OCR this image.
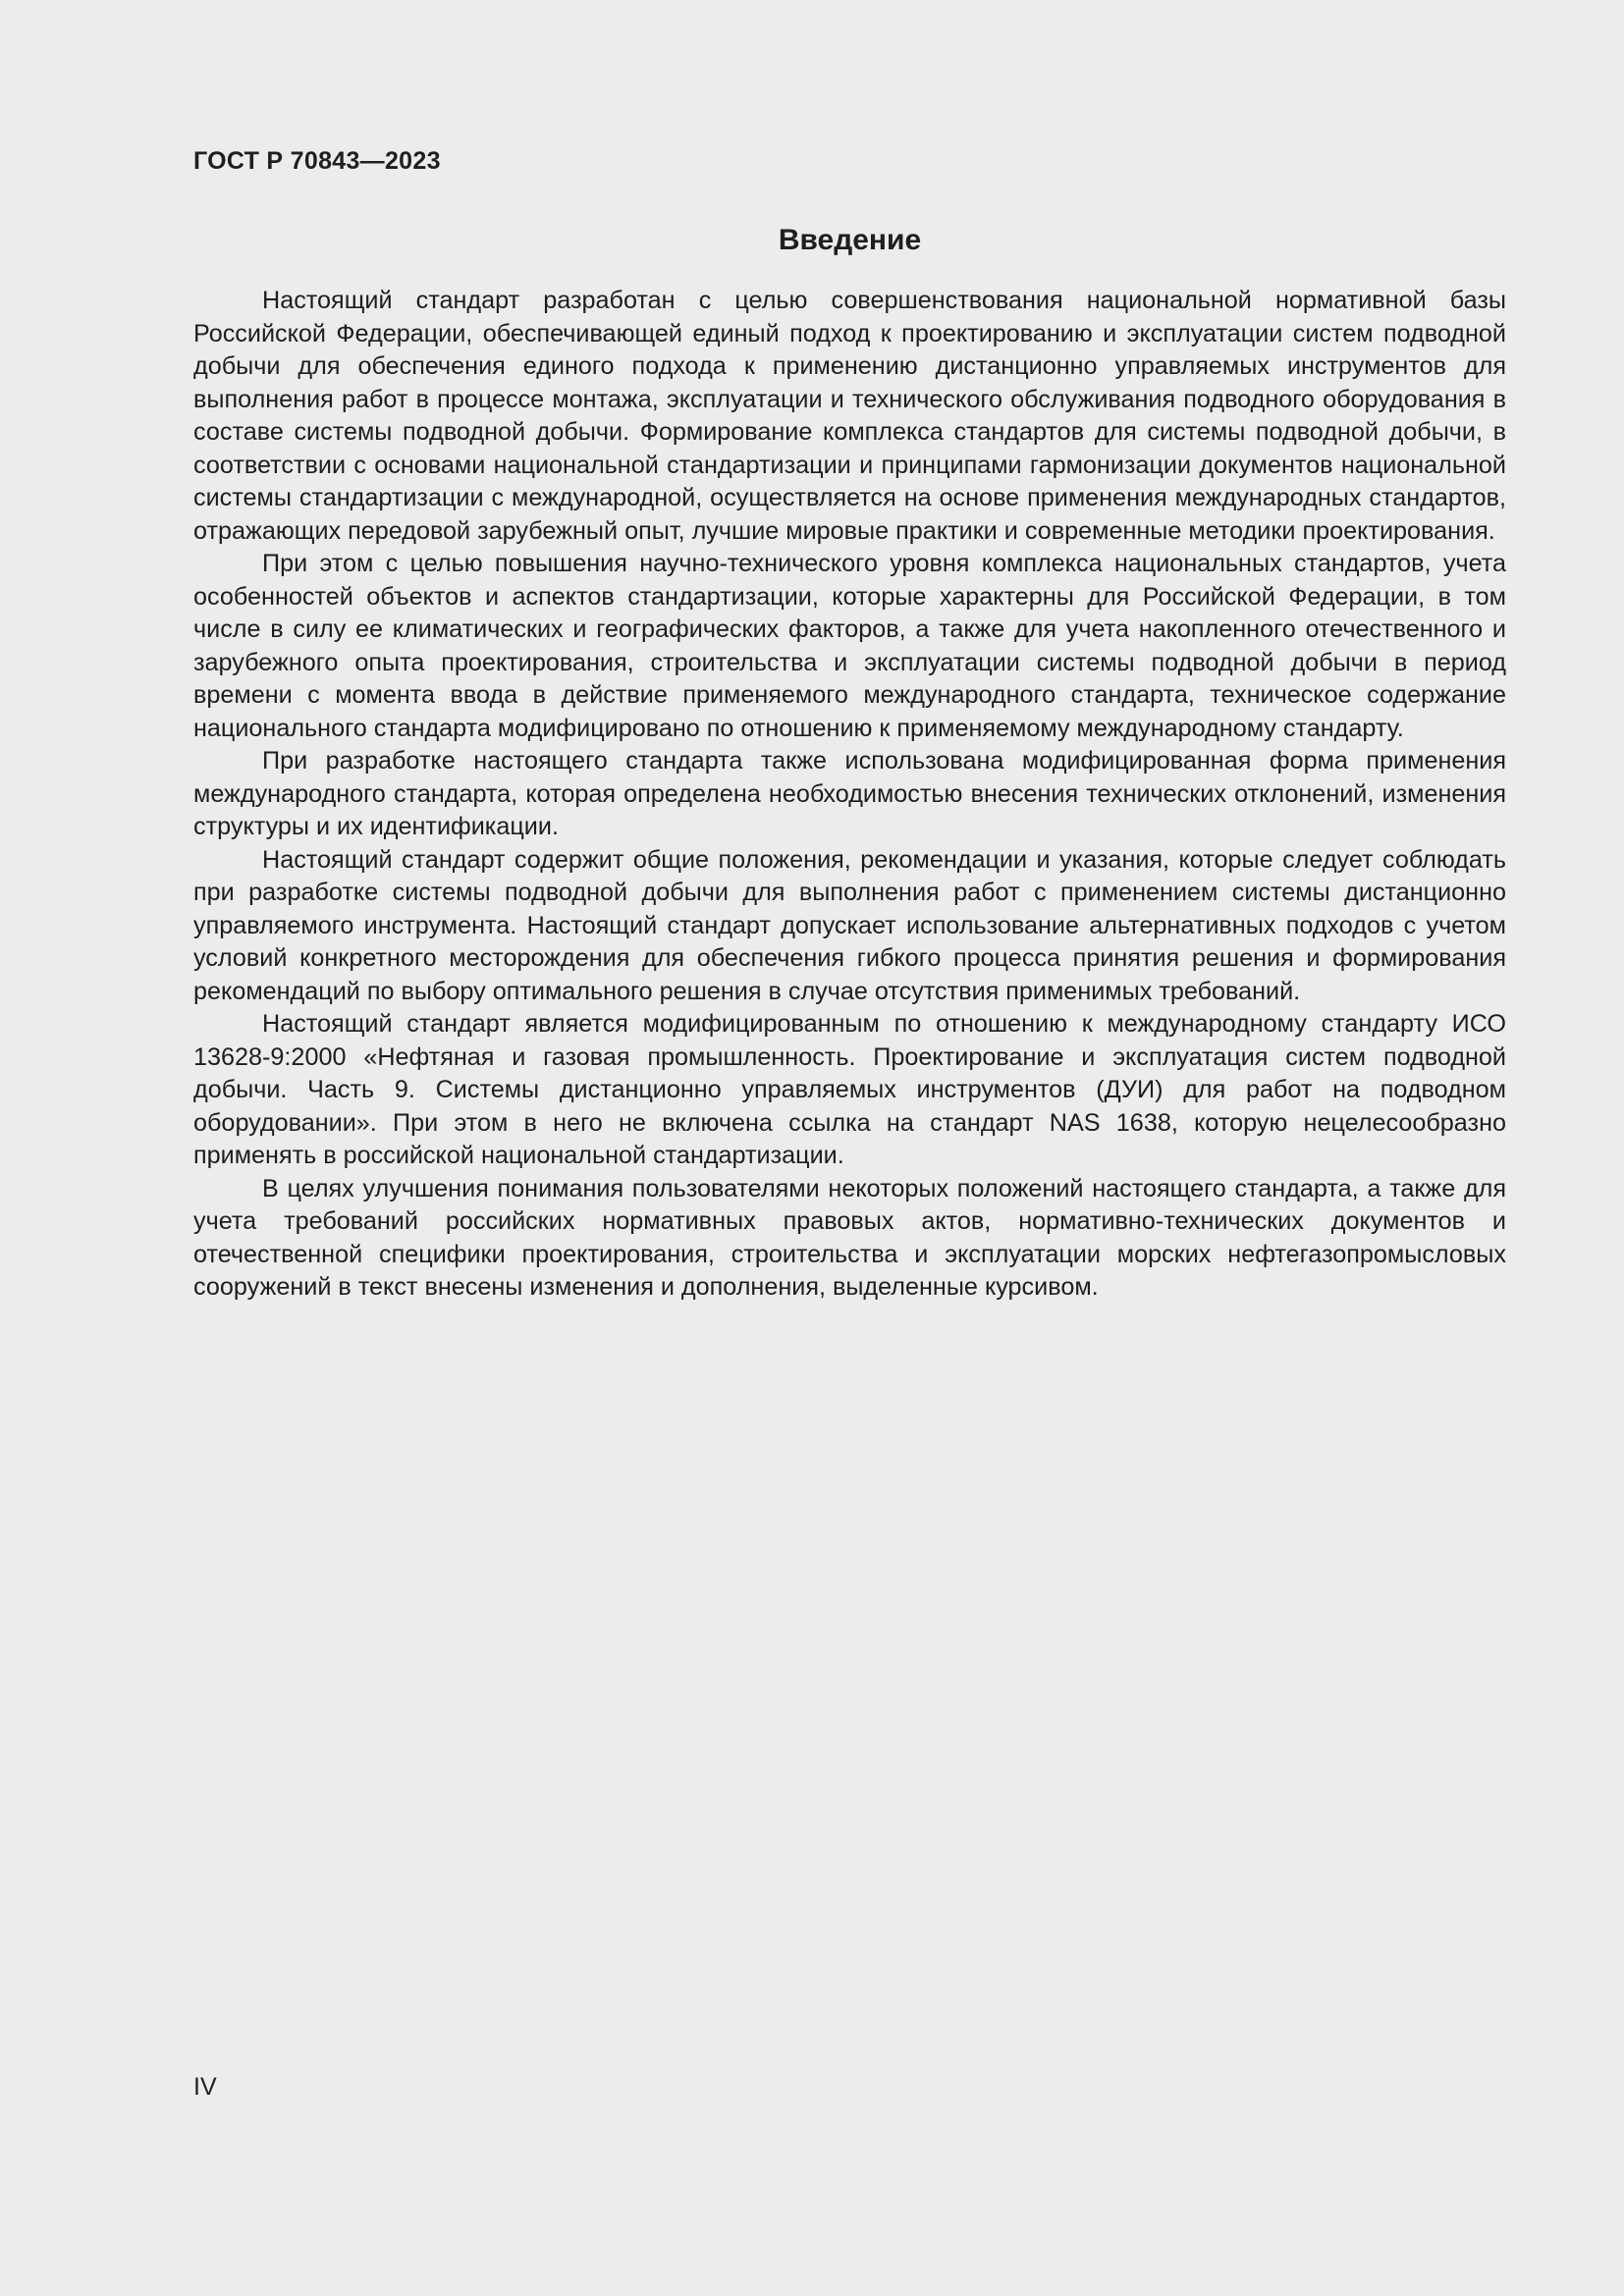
ГОСТ Р 70843—2023
Введение

Настоящий стандарт разработан с целью совершенствования национальной нормативной базы Российской Федерации, обеспечивающей единый подход к проектированию и эксплуатации систем подводной добычи для обеспечения единого подхода к применению дистанционно управляемых инструментов для выполнения работ в процессе монтажа, эксплуатации и технического обслуживания подводного оборудования в составе системы подводной добычи. Формирование комплекса стандартов для системы подводной добычи, в соответствии с основами национальной стандартизации и принципами гармонизации документов национальной системы стандартизации с международной, осуществляется на основе применения международных стандартов, отражающих передовой зарубежный опыт, лучшие мировые практики и современные методики проектирования.

При этом с целью повышения научно-технического уровня комплекса национальных стандартов, учета особенностей объектов и аспектов стандартизации, которые характерны для Российской Федерации, в том числе в силу ее климатических и географических факторов, а также для учета накопленного отечественного и зарубежного опыта проектирования, строительства и эксплуатации системы подводной добычи в период времени с момента ввода в действие применяемого международного стандарта, техническое содержание национального стандарта модифицировано по отношению к применяемому международному стандарту.

При разработке настоящего стандарта также использована модифицированная форма применения международного стандарта, которая определена необходимостью внесения технических отклонений, изменения структуры и их идентификации.

Настоящий стандарт содержит общие положения, рекомендации и указания, которые следует соблюдать при разработке системы подводной добычи для выполнения работ с применением системы дистанционно управляемого инструмента. Настоящий стандарт допускает использование альтернативных подходов с учетом условий конкретного месторождения для обеспечения гибкого процесса принятия решения и формирования рекомендаций по выбору оптимального решения в случае отсутствия применимых требований.

Настоящий стандарт является модифицированным по отношению к международному стандарту ИСО 13628-9:2000 «Нефтяная и газовая промышленность. Проектирование и эксплуатация систем подводной добычи. Часть 9. Системы дистанционно управляемых инструментов (ДУИ) для работ на подводном оборудовании». При этом в него не включена ссылка на стандарт NAS 1638, которую нецелесообразно применять в российской национальной стандартизации.

В целях улучшения понимания пользователями некоторых положений настоящего стандарта, а также для учета требований российских нормативных правовых актов, нормативно-технических документов и отечественной специфики проектирования, строительства и эксплуатации морских нефтегазопромысловых сооружений в текст внесены изменения и дополнения, выделенные курсивом.

IV
